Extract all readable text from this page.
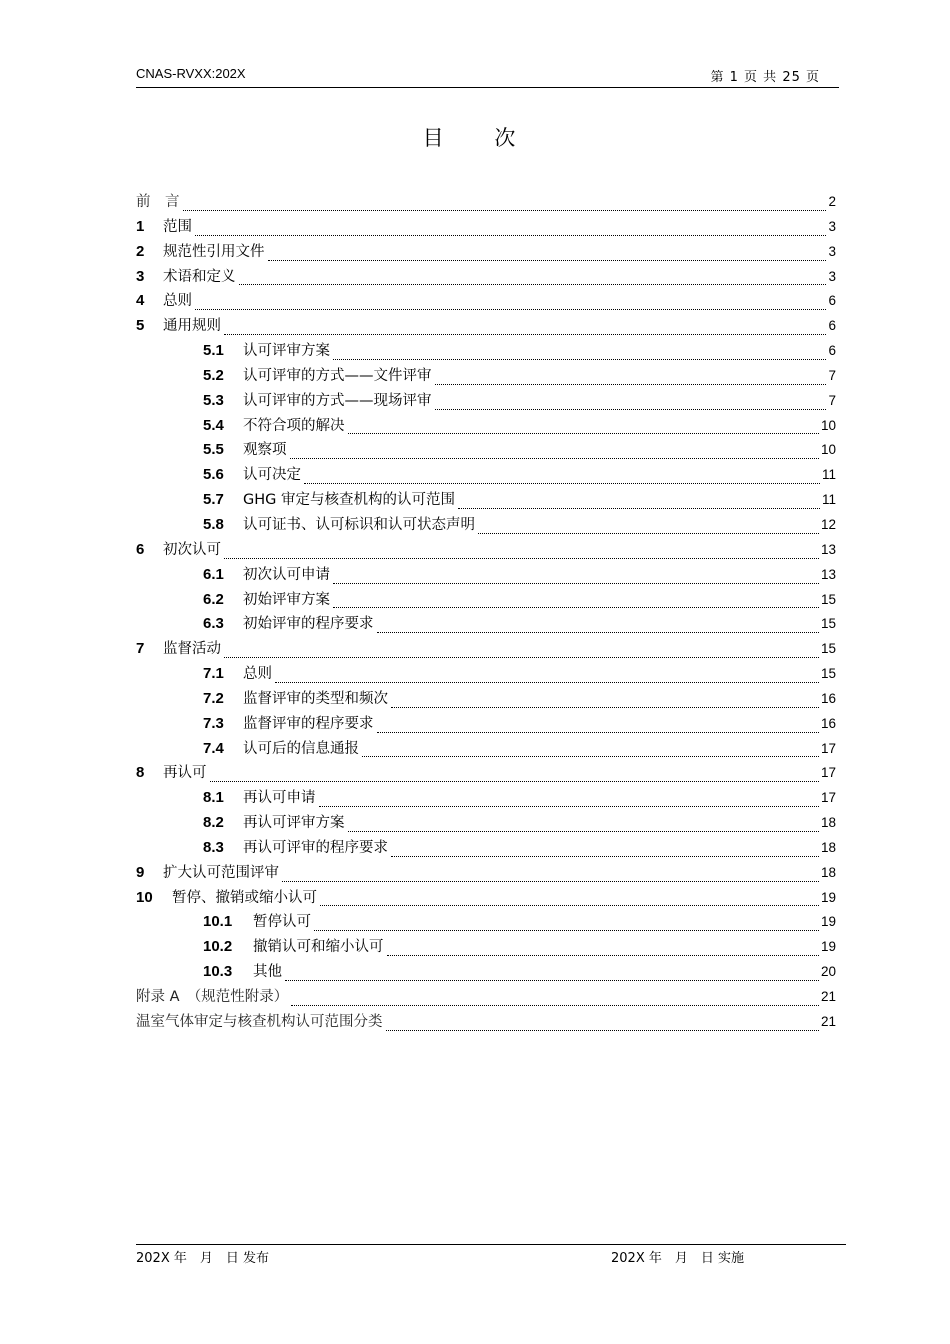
CNAS-RVXX:202X	第 1 页 共 25 页
目 次
前　言	2
1	范围	3
2	规范性引用文件	3
3	术语和定义	3
4	总则	6
5	通用规则	6
5.1	认可评审方案	6
5.2	认可评审的方式——文件评审	7
5.3	认可评审的方式——现场评审	7
5.4	不符合项的解决	10
5.5	观察项	10
5.6	认可决定	11
5.7	GHG 审定与核查机构的认可范围	11
5.8	认可证书、认可标识和认可状态声明	12
6	初次认可	13
6.1	初次认可申请	13
6.2	初始评审方案	15
6.3	初始评审的程序要求	15
7	监督活动	15
7.1	总则	15
7.2	监督评审的类型和频次	16
7.3	监督评审的程序要求	16
7.4	认可后的信息通报	17
8	再认可	17
8.1	再认可申请	17
8.2	再认可评审方案	18
8.3	再认可评审的程序要求	18
9	扩大认可范围评审	18
10	暂停、撤销或缩小认可	19
10.1	暂停认可	19
10.2	撤销认可和缩小认可	19
10.3	其他	20
附录 A　（规范性附录）	21
温室气体审定与核查机构认可范围分类	21
202X 年　月　日 发布	202X 年　月　日 实施
